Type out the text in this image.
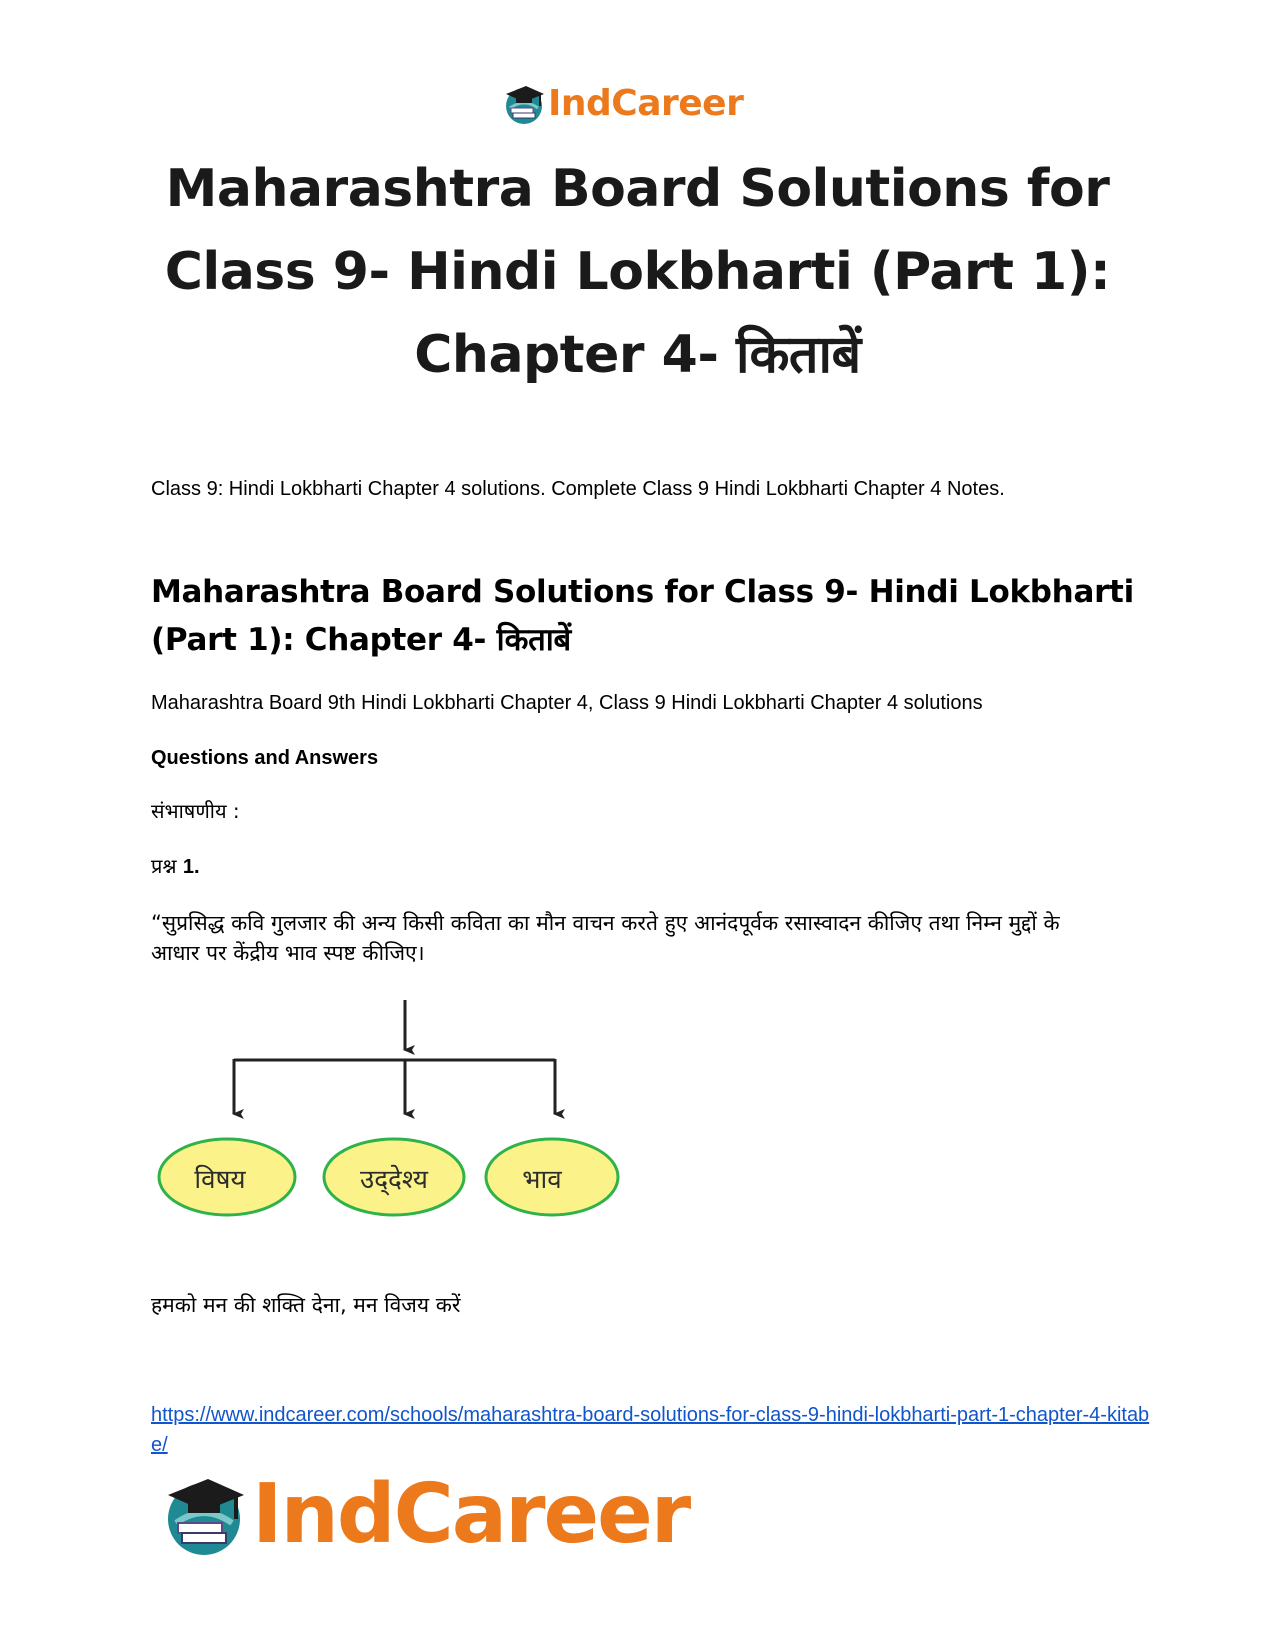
IndCareer
Maharashtra Board Solutions for
Class 9- Hindi Lokbharti (Part 1):
Chapter 4- किताबें

Class 9: Hindi Lokbharti Chapter 4 solutions. Complete Class 9 Hindi Lokbharti Chapter 4 Notes.

Maharashtra Board Solutions for Class 9- Hindi Lokbharti (Part 1): Chapter 4- किताबें

Maharashtra Board 9th Hindi Lokbharti Chapter 4, Class 9 Hindi Lokbharti Chapter 4 solutions

Questions and Answers

संभाषणीय :

प्रश्न 1.

“सुप्रसिद्ध कवि गुलजार की अन्य किसी कविता का मौन वाचन करते हुए आनंदपूर्वक रसास्वादन कीजिए तथा निम्न मुद्दों के आधार पर केंद्रीय भाव स्पष्ट कीजिए।

विषय	उद्‌देश्य	भाव

हमको मन की शक्ति देना, मन विजय करें

https://www.indcareer.com/schools/maharashtra-board-solutions-for-class-9-hindi-lokbharti-part-1-chapter-4-kitabe/
IndCareer
